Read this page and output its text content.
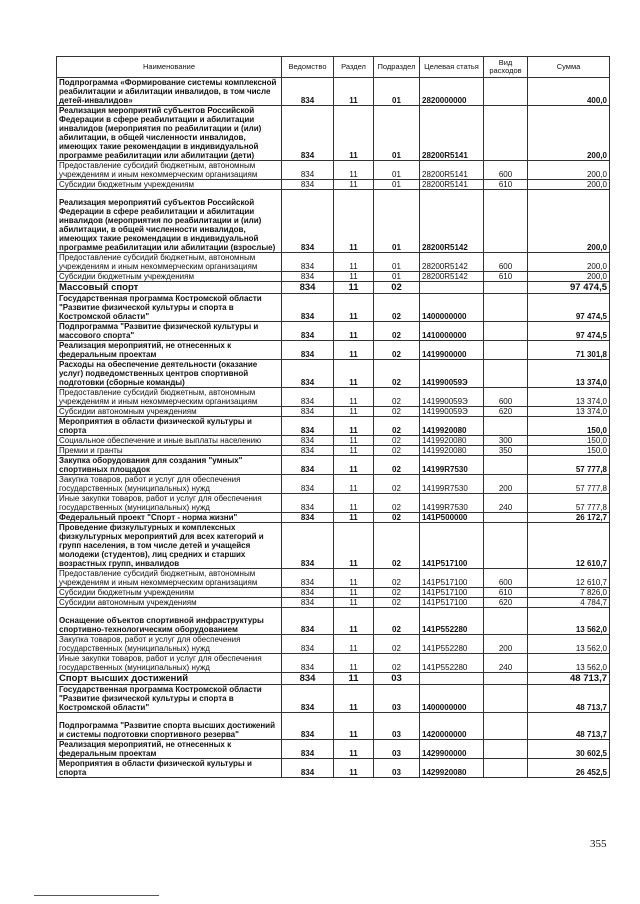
Наименование	Ведомство	Раздел	Подраздел	Целевая статья	Вид расходов	Сумма
Подпрограмма «Формирование системы комплексной реабилитации и абилитации инвалидов, в том числе детей-инвалидов»	834	11	01	2820000000		400,0
Реализация мероприятий субъектов Российской Федерации в сфере реабилитации и абилитации инвалидов (мероприятия по реабилитации и (или) абилитации, в общей численности инвалидов, имеющих такие рекомендации в индивидуальной программе реабилитации или абилитации (дети)	834	11	01	28200R5141		200,0
Предоставление субсидий бюджетным, автономным учреждениям и иным некоммерческим организациям	834	11	01	28200R5141	600	200,0
Субсидии бюджетным учреждениям	834	11	01	28200R5141	610	200,0
Реализация мероприятий субъектов Российской Федерации в сфере реабилитации и абилитации инвалидов (мероприятия по реабилитации и (или) абилитации, в общей численности инвалидов, имеющих такие рекомендации в индивидуальной программе реабилитации или абилитации (взрослые)	834	11	01	28200R5142		200,0
Предоставление субсидий бюджетным, автономным учреждениям и иным некоммерческим организациям	834	11	01	28200R5142	600	200,0
Субсидии бюджетным учреждениям	834	11	01	28200R5142	610	200,0
Массовый спорт	834	11	02			97 474,5
Государственная программа Костромской области "Развитие физической культуры и спорта в Костромской области"	834	11	02	1400000000		97 474,5
Подпрограмма "Развитие физической культуры и массового спорта"	834	11	02	1410000000		97 474,5
Реализация мероприятий, не отнесенных к федеральным проектам	834	11	02	1419900000		71 301,8
Расходы на обеспечение деятельности (оказание услуг) подведомственных центров спортивной подготовки (сборные команды)	834	11	02	141990059Э		13 374,0
Предоставление субсидий бюджетным, автономным учреждениям и иным некоммерческим организациям	834	11	02	141990059Э	600	13 374,0
Субсидии автономным учреждениям	834	11	02	141990059Э	620	13 374,0
Мероприятия в области физической культуры и спорта	834	11	02	1419920080		150,0
Социальное обеспечение и иные выплаты населению	834	11	02	1419920080	300	150,0
Премии и гранты	834	11	02	1419920080	350	150,0
Закупка оборудования для создания "умных" спортивных площадок	834	11	02	14199R7530		57 777,8
Закупка товаров, работ и услуг для обеспечения государственных (муниципальных) нужд	834	11	02	14199R7530	200	57 777,8
Иные закупки товаров, работ и услуг для обеспечения государственных (муниципальных) нужд	834	11	02	14199R7530	240	57 777,8
Федеральный проект "Спорт - норма жизни"	834	11	02	141P500000		26 172,7
Проведение физкультурных и комплексных физкультурных мероприятий для всех категорий и групп населения, в том числе детей и учащейся молодежи (студентов), лиц средних и старших возрастных групп, инвалидов	834	11	02	141P517100		12 610,7
Предоставление субсидий бюджетным, автономным учреждениям и иным некоммерческим организациям	834	11	02	141P517100	600	12 610,7
Субсидии бюджетным учреждениям	834	11	02	141P517100	610	7 826,0
Субсидии автономным учреждениям	834	11	02	141P517100	620	4 784,7
Оснащение объектов спортивной инфраструктуры спортивно-технологическим оборудованием	834	11	02	141P552280		13 562,0
Закупка товаров, работ и услуг для обеспечения государственных (муниципальных) нужд	834	11	02	141P552280	200	13 562,0
Иные закупки товаров, работ и услуг для обеспечения государственных (муниципальных) нужд	834	11	02	141P552280	240	13 562,0
Спорт высших достижений	834	11	03			48 713,7
Государственная программа Костромской области "Развитие физической культуры и спорта в Костромской области"	834	11	03	1400000000		48 713,7
Подпрограмма "Развитие спорта высших достижений и системы подготовки спортивного резерва"	834	11	03	1420000000		48 713,7
Реализация мероприятий, не отнесенных к федеральным проектам	834	11	03	1429900000		30 602,5
Мероприятия в области физической культуры и спорта	834	11	03	1429920080		26 452,5
355
